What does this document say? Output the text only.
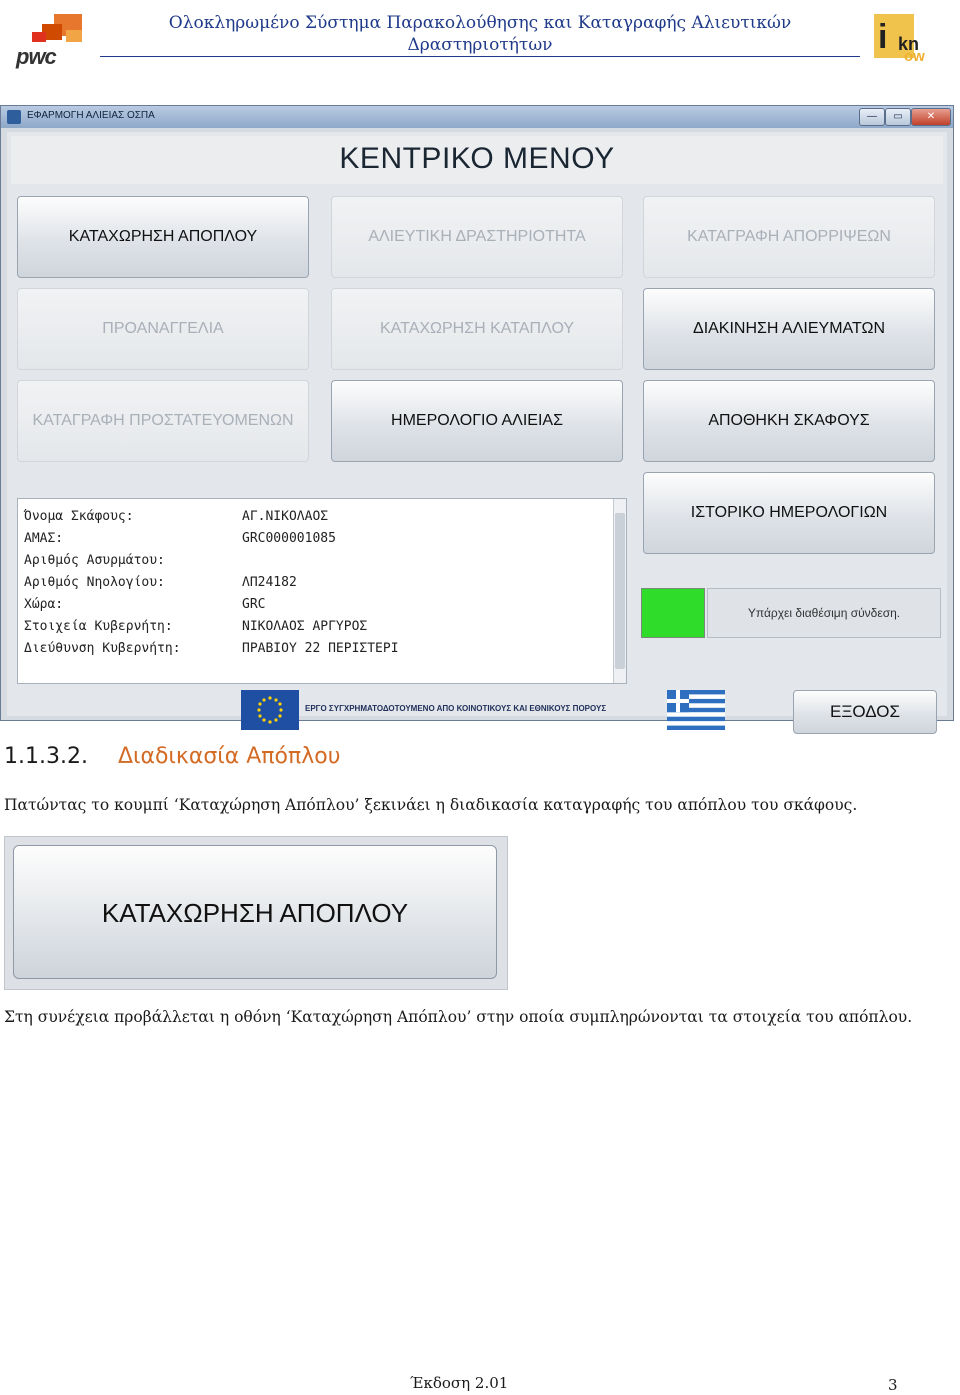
pwc
Ολοκληρωμένο Σύστημα Παρακολούθησης και Καταγραφής Αλιευτικών Δραστηριοτήτων	i kn
ow
ΕΦΑΡΜΟΓΗ ΑΛΙΕΙΑΣ ΟΣΠΑ	—	▭	✕
ΚΕΝΤΡΙΚΟ ΜΕΝΟΥ
ΚΑΤΑΧΩΡΗΣΗ ΑΠΟΠΛΟΥ	ΑΛΙΕΥΤΙΚΗ ΔΡΑΣΤΗΡΙΟΤΗΤΑ	ΚΑΤΑΓΡΑΦΗ ΑΠΟΡΡΙΨΕΩΝ
ΠΡΟΑΝΑΓΓΕΛΙΑ	ΚΑΤΑΧΩΡΗΣΗ ΚΑΤΑΠΛΟΥ	ΔΙΑΚΙΝΗΣΗ ΑΛΙΕΥΜΑΤΩΝ
ΚΑΤΑΓΡΑΦΗ ΠΡΟΣΤΑΤΕΥΟΜΕΝΩΝ	ΗΜΕΡΟΛΟΓΙΟ ΑΛΙΕΙΑΣ	ΑΠΟΘΗΚΗ ΣΚΑΦΟΥΣ
ΙΣΤΟΡΙΚΟ ΗΜΕΡΟΛΟΓΙΩΝ
Όνομα Σκάφους:	ΑΓ.ΝΙΚΟΛΑΟΣ
ΑΜΑΣ:	GRC000001085
Αριθμός Ασυρμάτου:
Αριθμός Νηολογίου:	ΛΠ24182
Χώρα:	GRC
Στοιχεία Κυβερνήτη:	ΝΙΚΟΛΑΟΣ ΑΡΓΥΡΟΣ
Διεύθυνση Κυβερνήτη:	ΠΡΑΒΙΟΥ 22 ΠΕΡΙΣΤΕΡΙ
Υπάρχει διαθέσιμη σύνδεση.
ΕΡΓΟ ΣΥΓΧΡΗΜΑΤΟΔΟΤΟΥΜΕΝΟ ΑΠΟ ΚΟΙΝΟΤΙΚΟΥΣ ΚΑΙ ΕΘΝΙΚΟΥΣ ΠΟΡΟΥΣ	ΕΞΟΔΟΣ
1.1.3.2. Διαδικασία Απόπλου
Πατώντας το κουμπί ‘Καταχώρηση Απόπλου’ ξεκινάει η διαδικασία καταγραφής του απόπλου του σκάφους.
ΚΑΤΑΧΩΡΗΣΗ ΑΠΟΠΛΟΥ
Στη συνέχεια προβάλλεται η οθόνη ‘Καταχώρηση Απόπλου’ στην οποία συμπληρώνονται τα στοιχεία του απόπλου.
Έκδοση 2.01	3
